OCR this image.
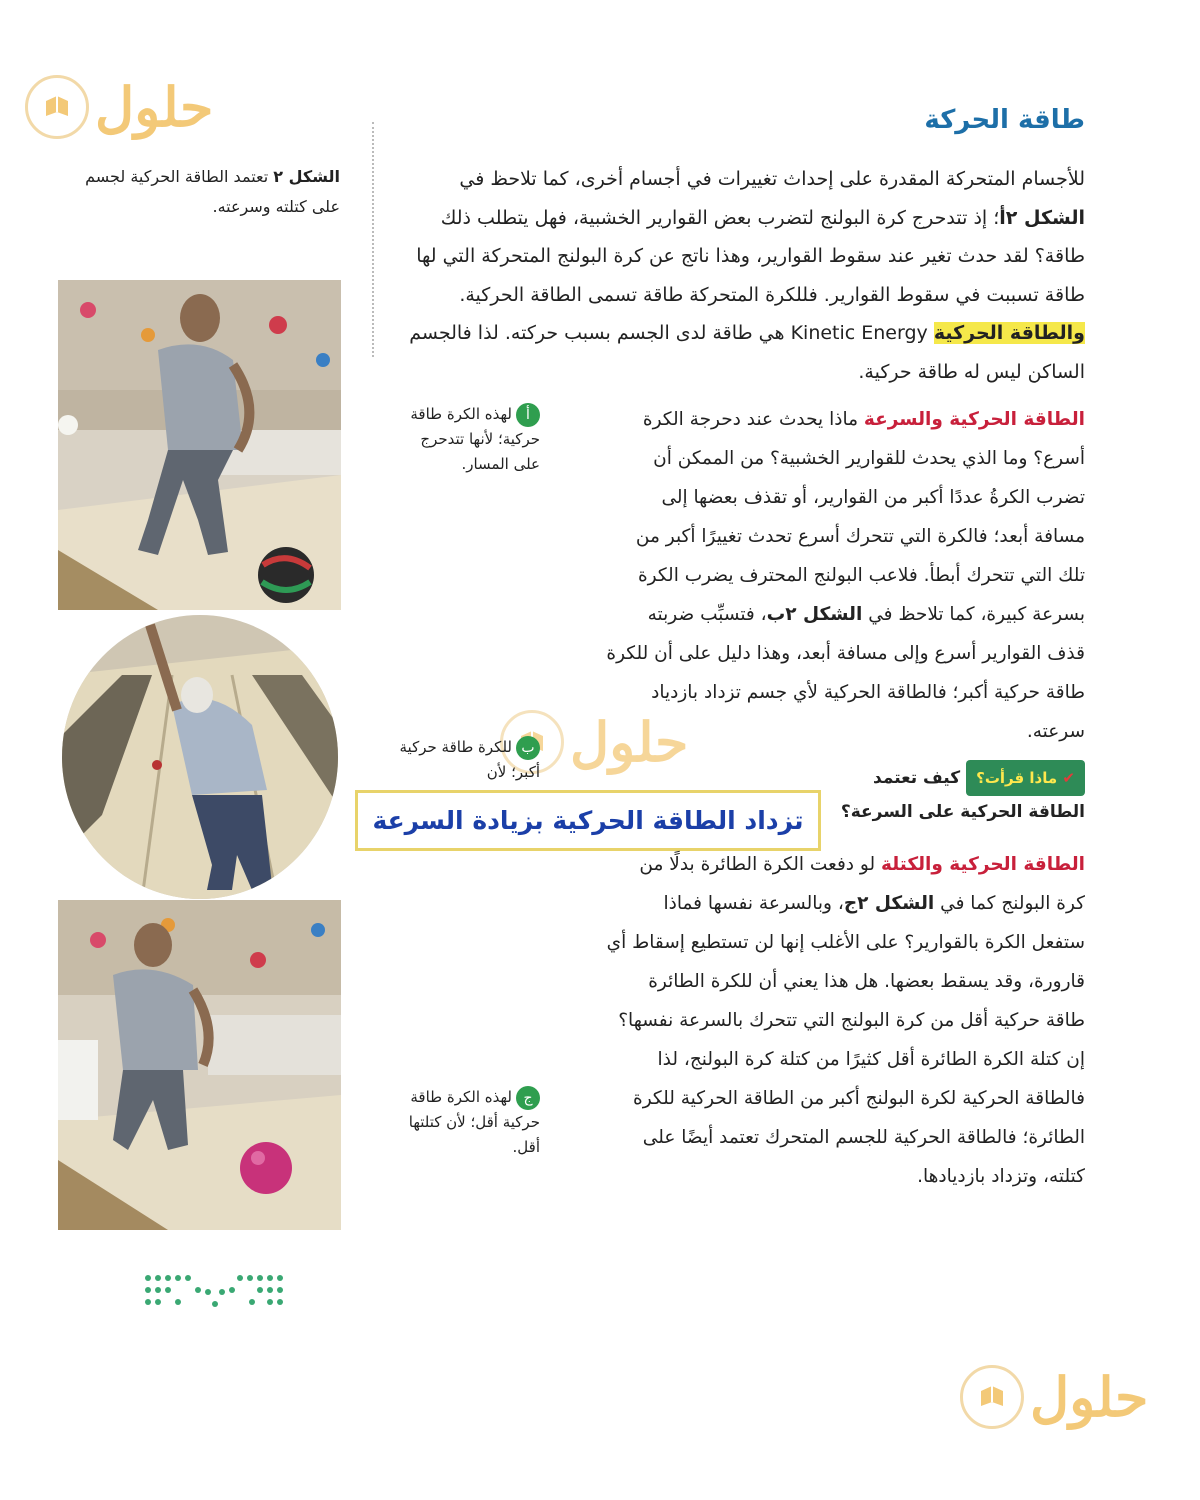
حلول
حلول
حلول
طاقة الحركة
للأجسام المتحركة المقدرة على إحداث تغييرات في أجسام أخرى، كما تلاحظ في الشكل ٢أ؛ إذ تتدحرج كرة البولنج لتضرب بعض القوارير الخشبية، فهل يتطلب ذلك طاقة؟ لقد حدث تغير عند سقوط القوارير، وهذا ناتج عن كرة البولنج المتحركة التي لها طاقة تسببت في سقوط القوارير. فللكرة المتحركة طاقة تسمى الطاقة الحركية. والطاقة الحركية Kinetic Energy هي طاقة لدى الجسم بسبب حركته. لذا فالجسم الساكن ليس له طاقة حركية.
الشكل ٢ تعتمد الطاقة الحركية لجسم على كتلته وسرعته.
الطاقة الحركية والسرعة ماذا يحدث عند دحرجة الكرة أسرع؟ وما الذي يحدث للقوارير الخشبية؟ من الممكن أن تضرب الكرةُ عددًا أكبر من القوارير، أو تقذف بعضها إلى مسافة أبعد؛ فالكرة التي تتحرك أسرع تحدث تغييرًا أكبر من تلك التي تتحرك أبطأ. فلاعب البولنج المحترف يضرب الكرة بسرعة كبيرة، كما تلاحظ في الشكل ٢ب، فتسبِّب ضربته قذف القوارير أسرع وإلى مسافة أبعد، وهذا دليل على أن للكرة طاقة حركية أكبر؛ فالطاقة الحركية لأي جسم تزداد بازدياد سرعته.
ألهذه الكرة طاقة حركية؛ لأنها تتدحرج على المسار.
بللكرة طاقة حركية أكبر؛ لأن
جلهذه الكرة طاقة حركية أقل؛ لأن كتلتها أقل.
✔ ماذا قرأت؟كيف تعتمد الطاقة الحركية على السرعة؟
تزداد الطاقة الحركية بزيادة السرعة
الطاقة الحركية والكتلة لو دفعت الكرة الطائرة بدلًا من كرة البولنج كما في الشكل ٢ج، وبالسرعة نفسها فماذا ستفعل الكرة بالقوارير؟ على الأغلب إنها لن تستطيع إسقاط أي قارورة، وقد يسقط بعضها. هل هذا يعني أن للكرة الطائرة طاقة حركية أقل من كرة البولنج التي تتحرك بالسرعة نفسها؟ إن كتلة الكرة الطائرة أقل كثيرًا من كتلة كرة البولنج، لذا فالطاقة الحركية لكرة البولنج أكبر من الطاقة الحركية للكرة الطائرة؛ فالطاقة الحركية للجسم المتحرك تعتمد أيضًا على كتلته، وتزداد بازديادها.
